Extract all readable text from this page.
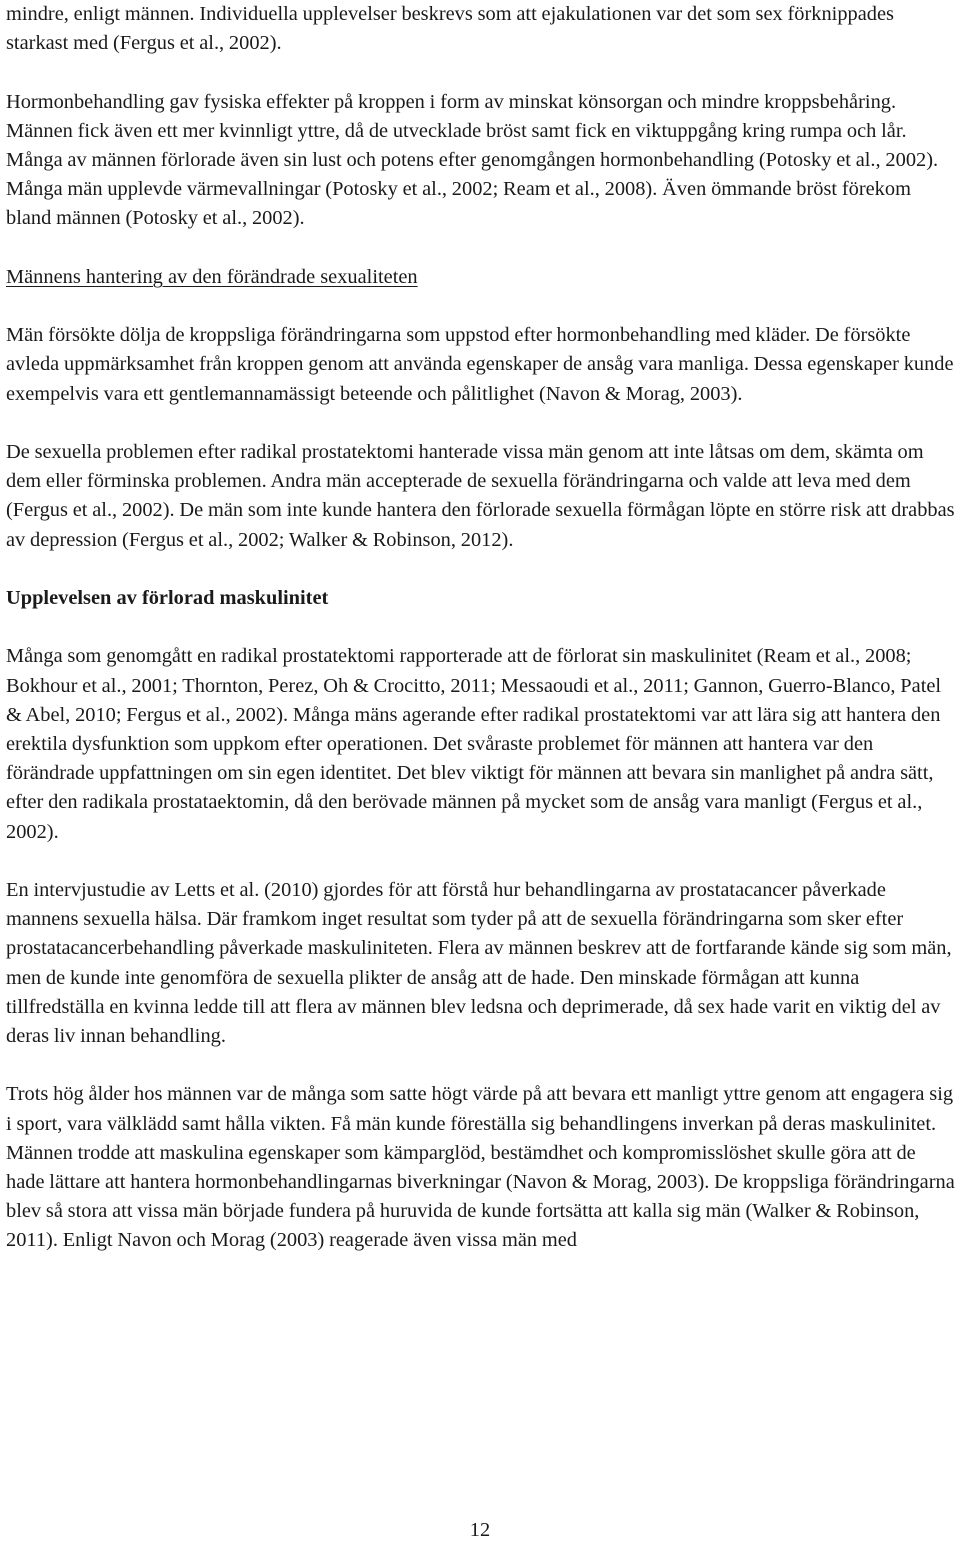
mindre, enligt männen. Individuella upplevelser beskrevs som att ejakulationen var det som sex förknippades starkast med (Fergus et al., 2002).

Hormonbehandling gav fysiska effekter på kroppen i form av minskat könsorgan och mindre kroppsbehåring. Männen fick även ett mer kvinnligt yttre, då de utvecklade bröst samt fick en viktuppgång kring rumpa och lår. Många av männen förlorade även sin lust och potens efter genomgången hormonbehandling (Potosky et al., 2002). Många män upplevde värmevallningar (Potosky et al., 2002; Ream et al., 2008). Även ömmande bröst förekom bland männen (Potosky et al., 2002).

Männens hantering av den förändrade sexualiteten

Män försökte dölja de kroppsliga förändringarna som uppstod efter hormonbehandling med kläder. De försökte avleda uppmärksamhet från kroppen genom att använda egenskaper de ansåg vara manliga. Dessa egenskaper kunde exempelvis vara ett gentlemannamässigt beteende och pålitlighet (Navon & Morag, 2003).

De sexuella problemen efter radikal prostatektomi hanterade vissa män genom att inte låtsas om dem, skämta om dem eller förminska problemen. Andra män accepterade de sexuella förändringarna och valde att leva med dem (Fergus et al., 2002). De män som inte kunde hantera den förlorade sexuella förmågan löpte en större risk att drabbas av depression (Fergus et al., 2002; Walker & Robinson, 2012).

Upplevelsen av förlorad maskulinitet

Många som genomgått en radikal prostatektomi rapporterade att de förlorat sin maskulinitet (Ream et al., 2008; Bokhour et al., 2001; Thornton, Perez, Oh & Crocitto, 2011; Messaoudi et al., 2011; Gannon, Guerro-Blanco, Patel & Abel, 2010; Fergus et al., 2002). Många mäns agerande efter radikal prostatektomi var att lära sig att hantera den erektila dysfunktion som uppkom efter operationen. Det svåraste problemet för männen att hantera var den förändrade uppfattningen om sin egen identitet. Det blev viktigt för männen att bevara sin manlighet på andra sätt, efter den radikala prostataektomin, då den berövade männen på mycket som de ansåg vara manligt (Fergus et al., 2002).

En intervjustudie av Letts et al. (2010) gjordes för att förstå hur behandlingarna av prostatacancer påverkade mannens sexuella hälsa. Där framkom inget resultat som tyder på att de sexuella förändringarna som sker efter prostatacancerbehandling påverkade maskuliniteten. Flera av männen beskrev att de fortfarande kände sig som män, men de kunde inte genomföra de sexuella plikter de ansåg att de hade. Den minskade förmågan att kunna tillfredställa en kvinna ledde till att flera av männen blev ledsna och deprimerade, då sex hade varit en viktig del av deras liv innan behandling.

Trots hög ålder hos männen var de många som satte högt värde på att bevara ett manligt yttre genom att engagera sig i sport, vara välklädd samt hålla vikten. Få män kunde föreställa sig behandlingens inverkan på deras maskulinitet. Männen trodde att maskulina egenskaper som kämparglöd, bestämdhet och kompromisslöshet skulle göra att de hade lättare att hantera hormonbehandlingarnas biverkningar (Navon & Morag, 2003). De kroppsliga förändringarna blev så stora att vissa män började fundera på huruvida de kunde fortsätta att kalla sig män (Walker & Robinson, 2011). Enligt Navon och Morag (2003) reagerade även vissa män med

12
